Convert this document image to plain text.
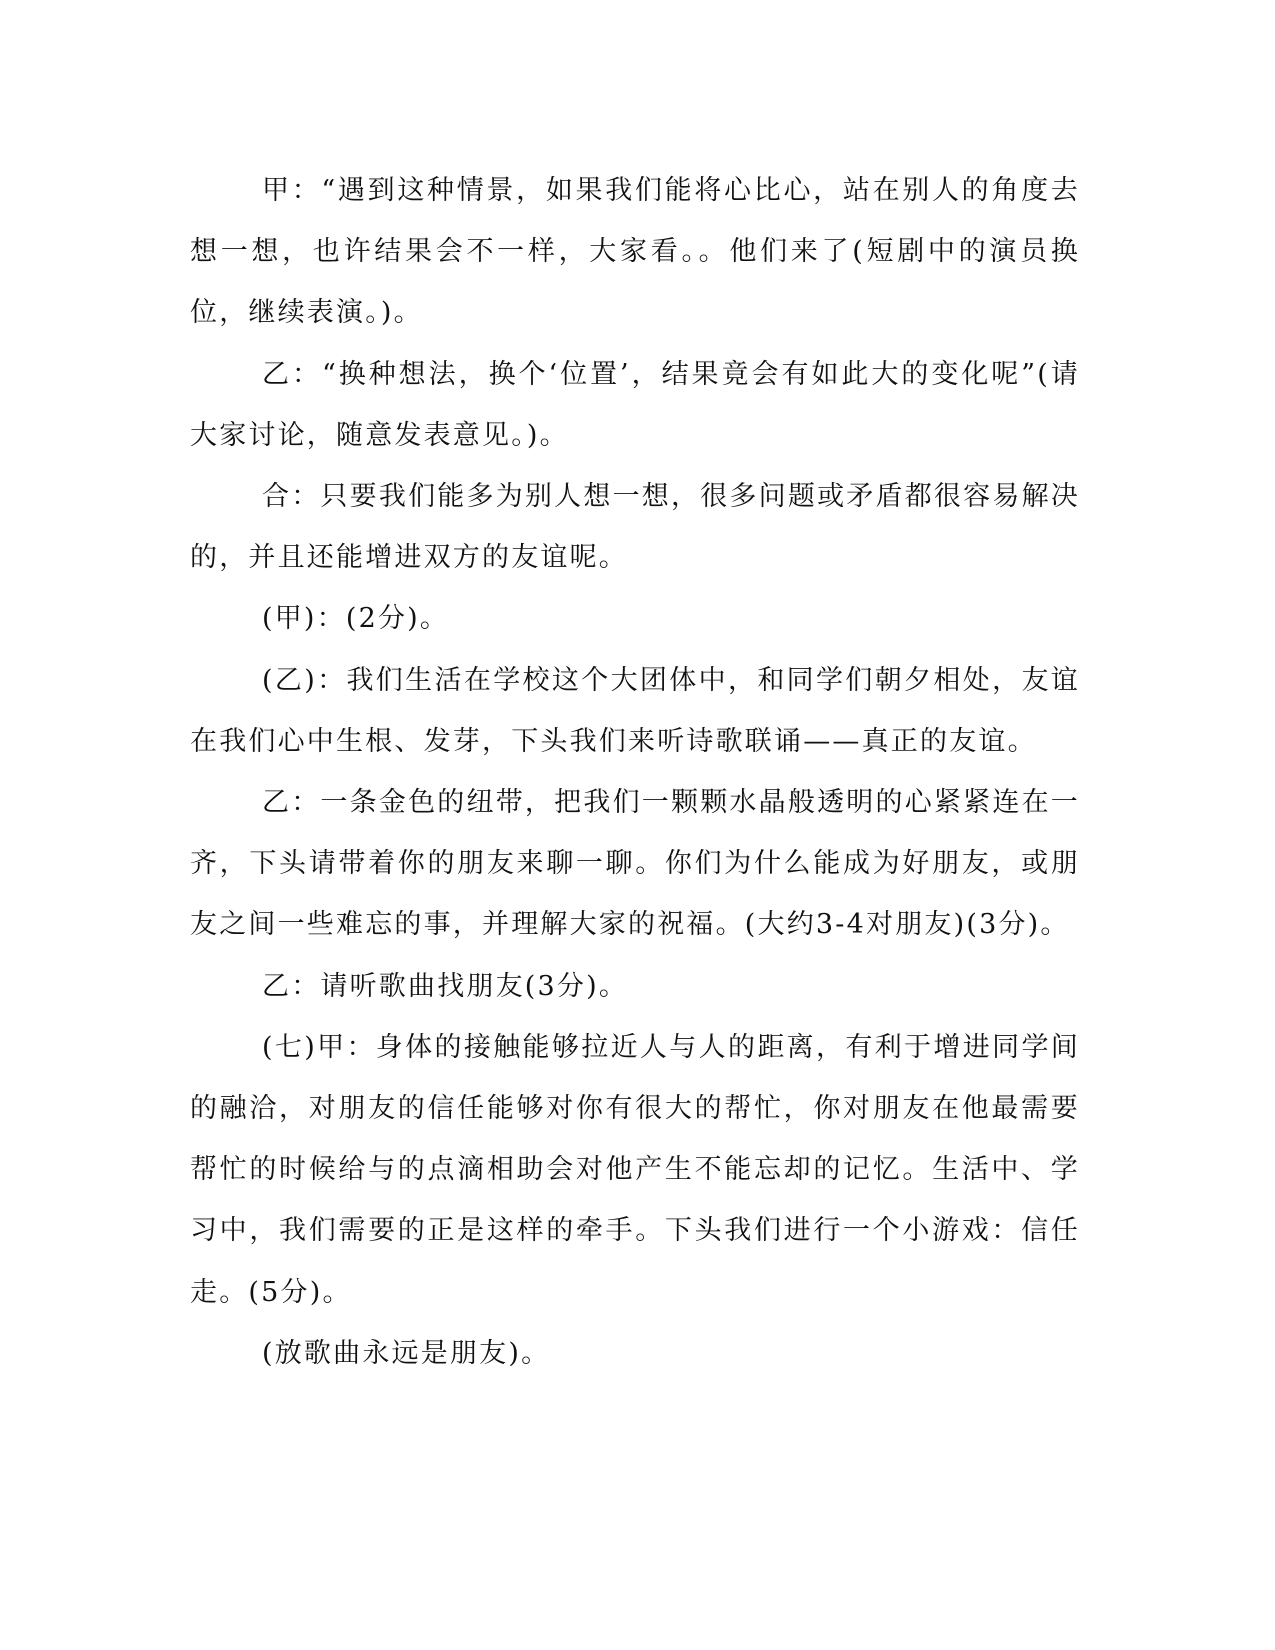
甲：“遇到这种情景，如果我们能将心比心，站在别人的角度去想一想，也许结果会不一样，大家看。。他们来了(短剧中的演员换位，继续表演。)。

乙：“换种想法，换个‘位置’，结果竟会有如此大的变化呢”(请大家讨论，随意发表意见。)。

合：只要我们能多为别人想一想，很多问题或矛盾都很容易解决的，并且还能增进双方的友谊呢。

(甲)：(2分)。

(乙)：我们生活在学校这个大团体中，和同学们朝夕相处，友谊在我们心中生根、发芽，下头我们来听诗歌联诵——真正的友谊。

乙：一条金色的纽带，把我们一颗颗水晶般透明的心紧紧连在一齐，下头请带着你的朋友来聊一聊。你们为什么能成为好朋友，或朋友之间一些难忘的事，并理解大家的祝福。(大约3-4对朋友)(3分)。

乙：请听歌曲找朋友(3分)。

(七)甲：身体的接触能够拉近人与人的距离，有利于增进同学间的融洽，对朋友的信任能够对你有很大的帮忙，你对朋友在他最需要帮忙的时候给与的点滴相助会对他产生不能忘却的记忆。生活中、学习中，我们需要的正是这样的牵手。下头我们进行一个小游戏：信任走。(5分)。

(放歌曲永远是朋友)。
